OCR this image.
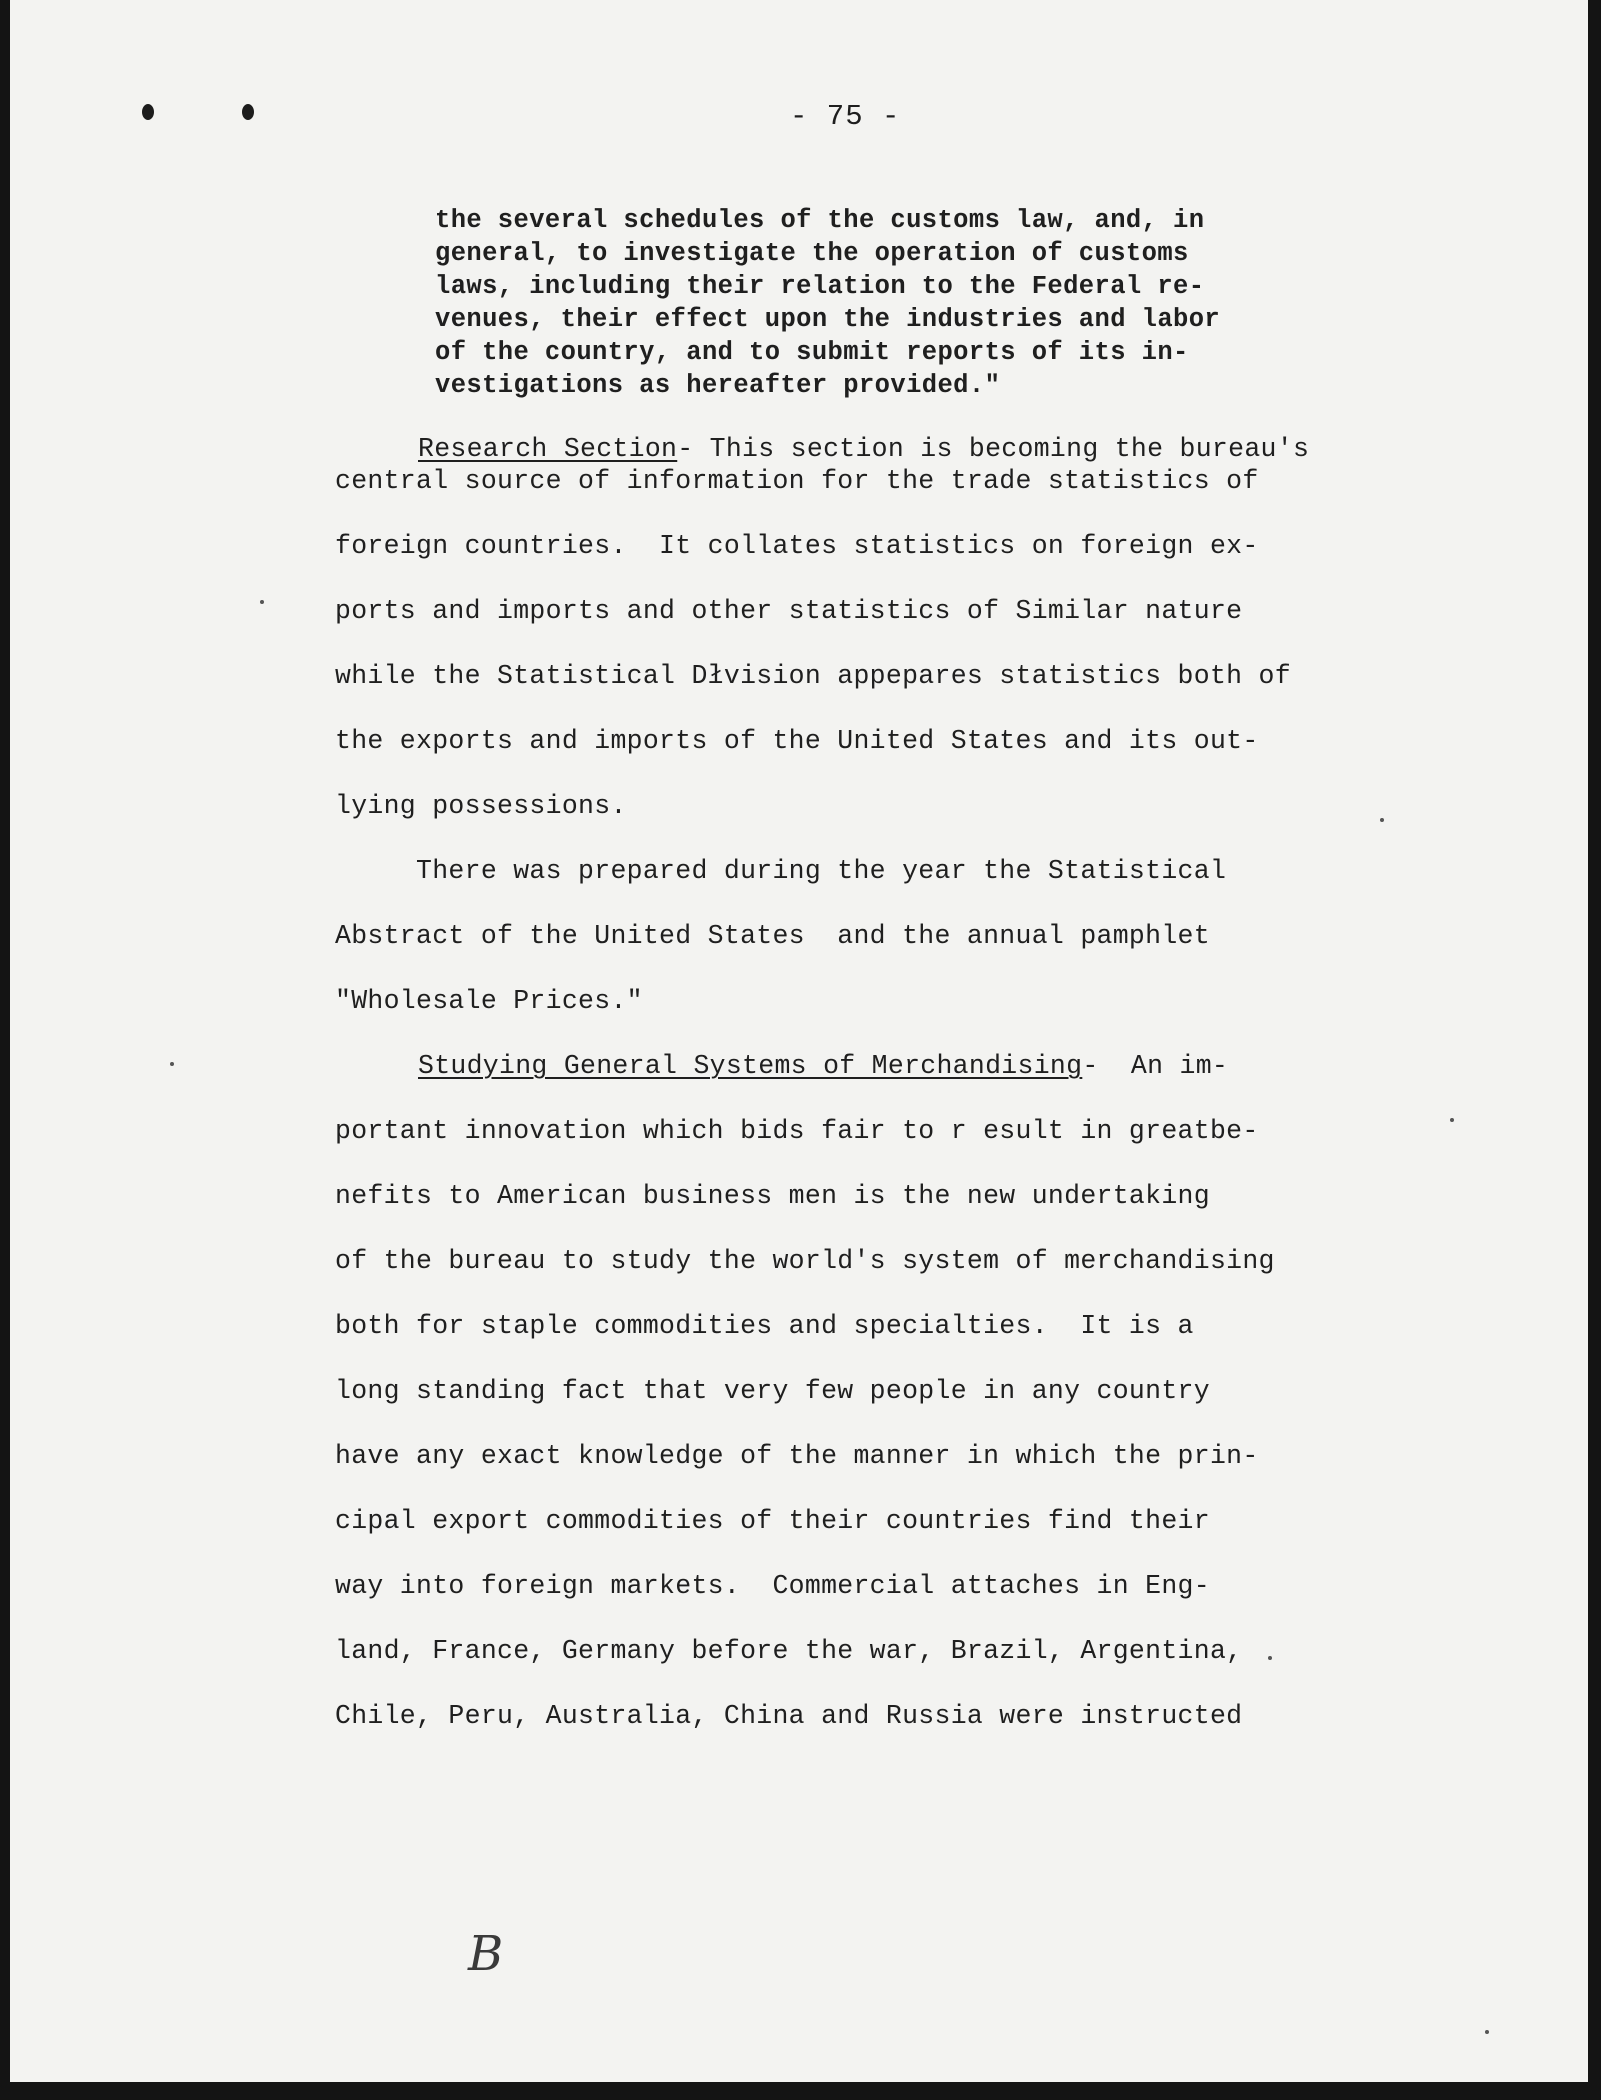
- 75 -
the several schedules of the customs law, and, in
general, to investigate the operation of customs
laws, including their relation to the Federal re-
venues, their effect upon the industries and labor
of the country, and to submit reports of its in-
vestigations as hereafter provided."
Research Section- This section is becoming the bureau's
central source of information for the trade statistics of
foreign countries.  It collates statistics on foreign ex-
ports and imports and other statistics of Similar nature
while the Statistical Dłvision appepares statistics both of
the exports and imports of the United States and its out-
lying possessions.
There was prepared during the year the Statistical
Abstract of the United States  and the annual pamphlet
"Wholesale Prices."
Studying General Systems of Merchandising-  An im-
portant innovation which bids fair to r esult in greatbe-
nefits to American business men is the new undertaking
of the bureau to study the world's system of merchandising
both for staple commodities and specialties.  It is a
long standing fact that very few people in any country
have any exact knowledge of the manner in which the prin-
cipal export commodities of their countries find their
way into foreign markets.  Commercial attaches in Eng-
land, France, Germany before the war, Brazil, Argentina,
Chile, Peru, Australia, China and Russia were instructed
B
